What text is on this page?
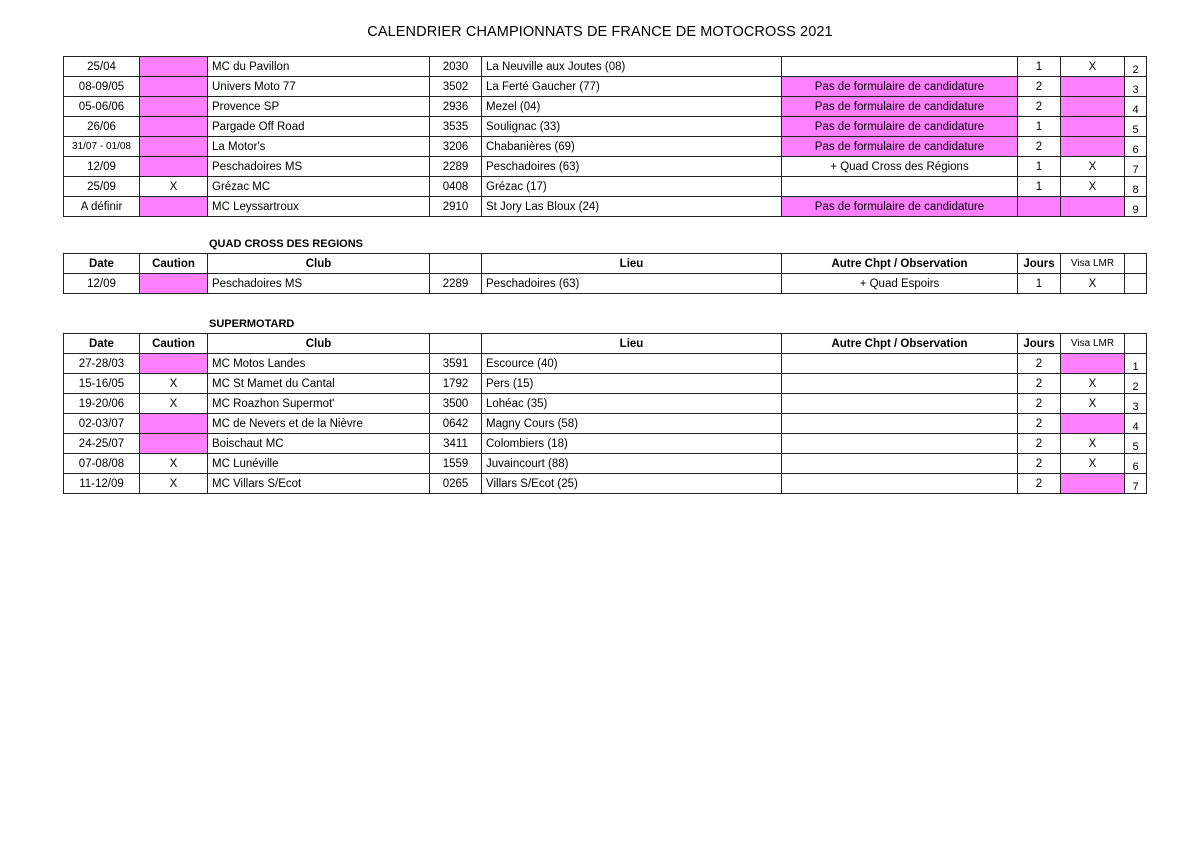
CALENDRIER CHAMPIONNATS DE FRANCE DE MOTOCROSS 2021
25/04		MC du Pavillon	2030	La Neuville aux Joutes (08)		1	X	2
08-09/05		Univers Moto 77	3502	La Ferté Gaucher (77)	Pas de formulaire de candidature	2		3
05-06/06		Provence SP	2936	Mezel (04)	Pas de formulaire de candidature	2		4
26/06		Pargade Off Road	3535	Soulignac (33)	Pas de formulaire de candidature	1		5
31/07 - 01/08		La Motor's	3206	Chabanières (69)	Pas de formulaire de candidature	2		6
12/09		Peschadoires MS	2289	Peschadoires (63)	+ Quad Cross des Régions	1	X	7
25/09	X	Grézac MC	0408	Grézac (17)		1	X	8
A définir		MC Leyssartroux	2910	St Jory Las Bloux (24)	Pas de formulaire de candidature			9
QUAD CROSS DES REGIONS
Date	Caution	Club		Lieu	Autre Chpt / Observation	Jours	Visa LMR	
12/09		Peschadoires MS	2289	Peschadoires (63)	+ Quad Espoirs	1	X	
SUPERMOTARD
Date	Caution	Club		Lieu	Autre Chpt / Observation	Jours	Visa LMR	
27-28/03		MC Motos Landes	3591	Escource (40)		2		1
15-16/05	X	MC St Mamet du Cantal	1792	Pers (15)		2	X	2
19-20/06	X	MC Roazhon Supermot'	3500	Lohéac (35)		2	X	3
02-03/07		MC de Nevers et de la Nièvre	0642	Magny Cours (58)		2		4
24-25/07		Boischaut MC	3411	Colombiers (18)		2	X	5
07-08/08	X	MC Lunéville	1559	Juvaincourt (88)		2	X	6
11-12/09	X	MC Villars S/Ecot	0265	Villars S/Ecot (25)		2		7
